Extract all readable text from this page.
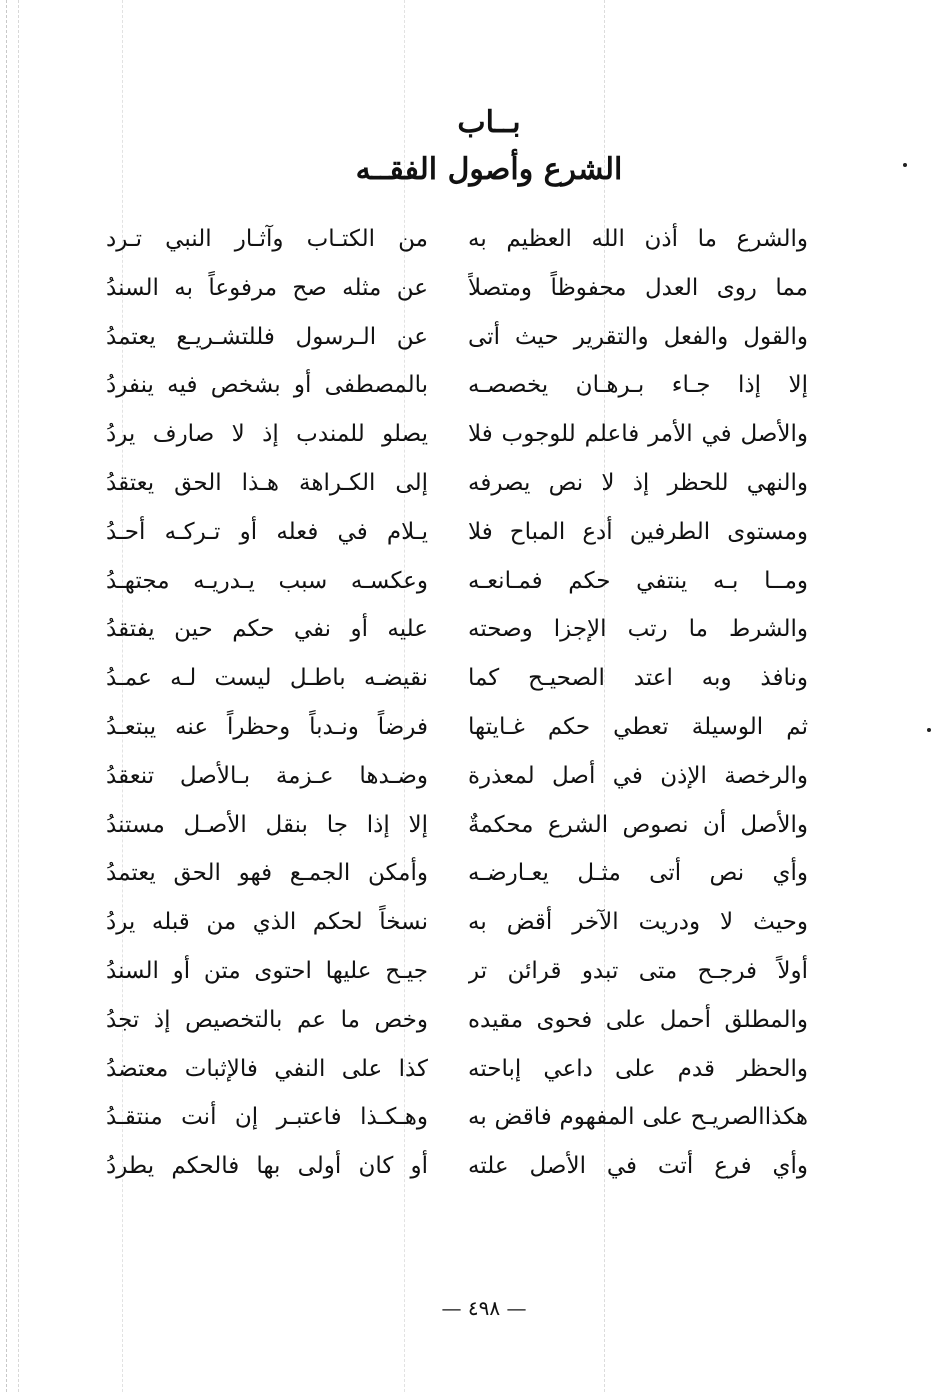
بــاب
الشرع وأصول الفقــه
والشرع ما أذن الله العظيم به
مما روى العدل محفوظاً ومتصلاً
والقول والفعل والتقرير حيث أتى
إلا إذا جـاء بـرهـان يخصصـه
والأصل في الأمر فاعلم للوجوب فلا
والنهي للحظر إذ لا نص يصرفه
ومستوى الطرفين أدع المباح فلا
ومــا بـه ينتفي حكم فمـانعـه
والشرط ما رتب الإجزا وصحته
ونافذ وبه اعتد الصحيـح كما
ثم الوسيلة تعطي حكم غـايتها
والرخصة الإذن في أصل لمعذرة
والأصل أن نصوص الشرع محكمةٌ
وأي نص أتى مثـل يعـارضـه
وحيث لا ودريت الآخر أقض به
أولاً فرجـح متى تبدو قرائن تر
والمطلق أحمل على فحوى مقيده
والحظر قدم على داعي إباحته
هكذاالصريـح على المفهوم فاقض به
وأي فرع أتت في الأصل علته
من الكتـاب وآثـار النبي تـرد
عن مثله صح مرفوعاً به السندُ
عن الـرسول فللتشـريـع يعتمدُ
بالمصطفى أو بشخص فيه ينفردُ
يصلو للمندب إذ لا صارف يردُ
إلى الكـراهة هـذا الحق يعتقدُ
يـلام في فعله أو تـركـه أحـدُ
وعكسـه سبب يـدريـه مجتهـدُ
عليه أو نفي حكم حين يفتقدُ
نقيضـه باطـل ليست لـه عمـدُ
فرضاً ونـدباً وحظراً عنه يبتعـدُ
وضـدها عـزمة بـالأصل تنعقدُ
إلا إذا جا بنقل الأصـل مستندُ
وأمكن الجمـع فهو الحق يعتمدُ
نسخاً لحكم الذي من قبله يردُ
جيـح عليها احتوى متن أو السندُ
وخص ما عم بالتخصيص إذ تجدُ
كذا على النفي فالإثبات معتضدُ
وهـكـذا فاعتبـر إن أنت منتقـدُ
أو كان أولى بها فالحكم يطردُ
— ٤٩٨ —
